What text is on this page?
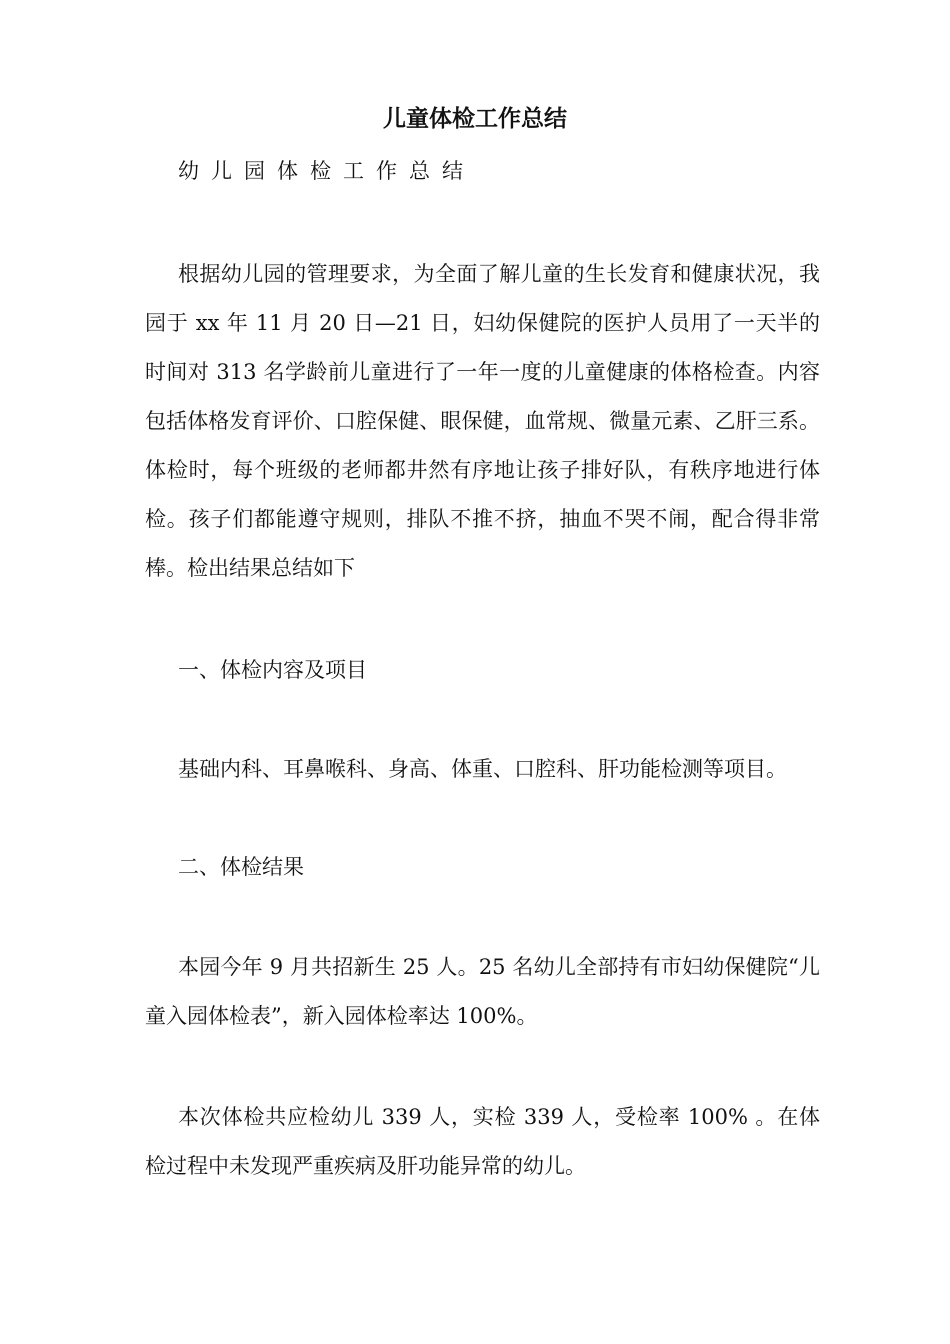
儿童体检工作总结
幼儿园体检工作总结

根据幼儿园的管理要求，为全面了解儿童的生长发育和健康状况，我园于 xx 年 11 月 20 日—21 日，妇幼保健院的医护人员用了一天半的时间对 313 名学龄前儿童进行了一年一度的儿童健康的体格检查。内容包括体格发育评价、口腔保健、眼保健，血常规、微量元素、乙肝三系。体检时，每个班级的老师都井然有序地让孩子排好队，有秩序地进行体检。孩子们都能遵守规则，排队不推不挤，抽血不哭不闹，配合得非常棒。检出结果总结如下

一、体检内容及项目

基础内科、耳鼻喉科、身高、体重、口腔科、肝功能检测等项目。

二、体检结果

本园今年 9 月共招新生 25 人。25 名幼儿全部持有市妇幼保健院“儿童入园体检表”，新入园体检率达 100%。

本次体检共应检幼儿 339 人，实检 339 人，受检率 100% 。在体检过程中未发现严重疾病及肝功能异常的幼儿。
